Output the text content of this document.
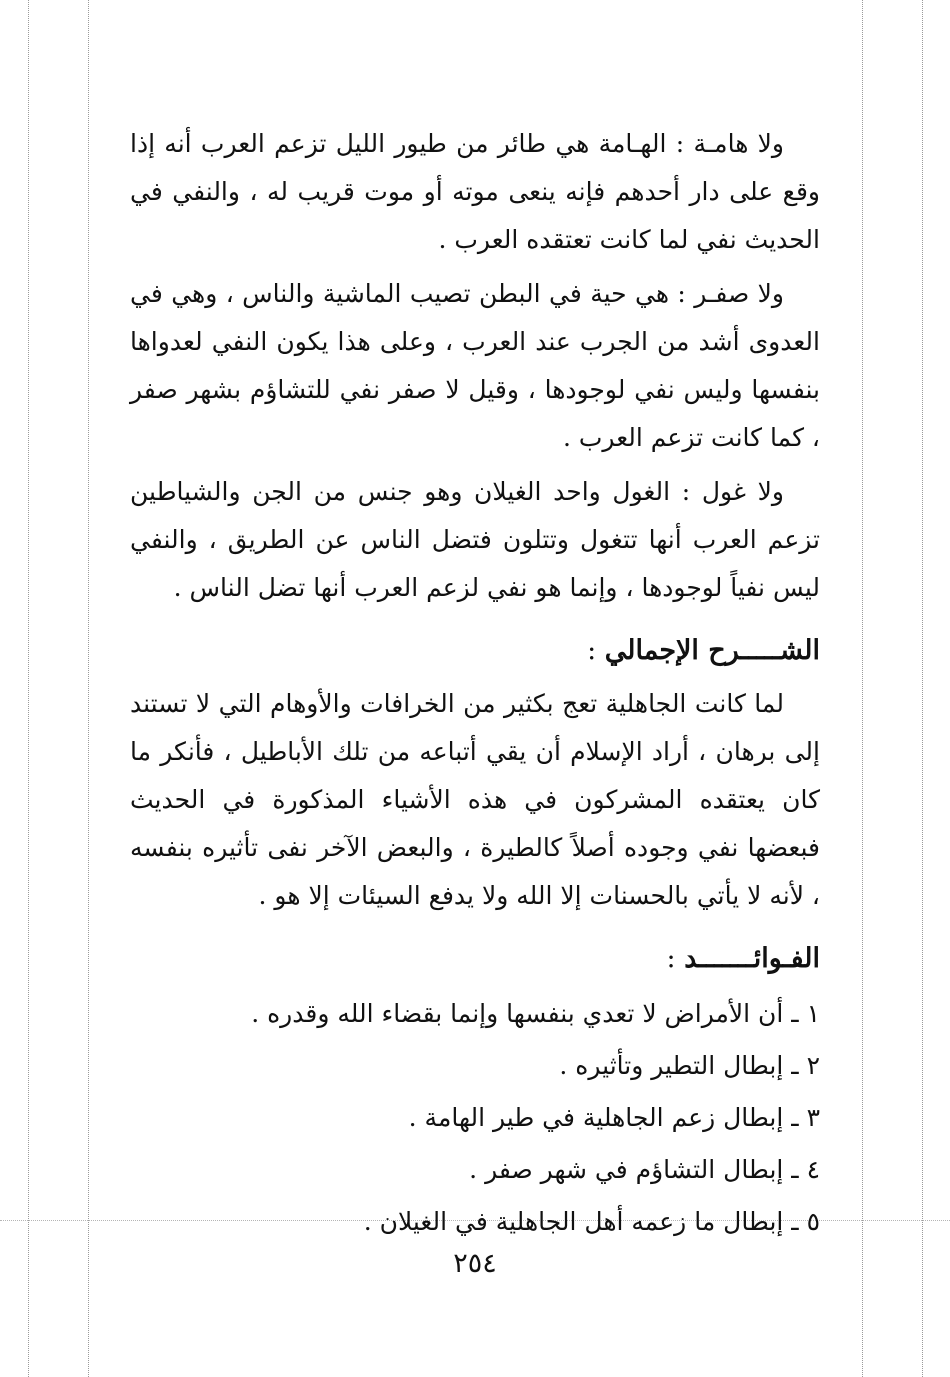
ولا هامـة : الهـامة هي طائر من طيور الليل تزعم العرب أنه إذا وقع على دار أحدهم فإنه ينعى موته أو موت قريب له ، والنفي في الحديث نفي لما كانت تعتقده العرب .

ولا صفـر : هي حية في البطن تصيب الماشية والناس ، وهي في العدوى أشد من الجرب عند العرب ، وعلى هذا يكون النفي لعدواها بنفسها وليس نفي لوجودها ، وقيل لا صفر نفي للتشاؤم بشهر صفر ، كما كانت تزعم العرب .

ولا غول : الغول واحد الغيلان وهو جنس من الجن والشياطين تزعم العرب أنها تتغول وتتلون فتضل الناس عن الطريق ، والنفي ليس نفياً لوجودها ، وإنما هو نفي لزعم العرب أنها تضل الناس .

الشـــــرح الإجمالي :

لما كانت الجاهلية تعج بكثير من الخرافات والأوهام التي لا تستند إلى برهان ، أراد الإسلام أن يقي أتباعه من تلك الأباطيل ، فأنكر ما كان يعتقده المشركون في هذه الأشياء المذكورة في الحديث فبعضها نفي وجوده أصلاً كالطيرة ، والبعض الآخر نفى تأثيره بنفسه ، لأنه لا يأتي بالحسنات إلا الله ولا يدفع السيئات إلا هو .

الفـوائـــــــد :
١ ـ أن الأمراض لا تعدي بنفسها وإنما بقضاء الله وقدره .
٢ ـ إبطال التطير وتأثيره .
٣ ـ إبطال زعم الجاهلية في طير الهامة .
٤ ـ إبطال التشاؤم في شهر صفر .
٥ ـ إبطال ما زعمه أهل الجاهلية في الغيلان .
٢٥٤
